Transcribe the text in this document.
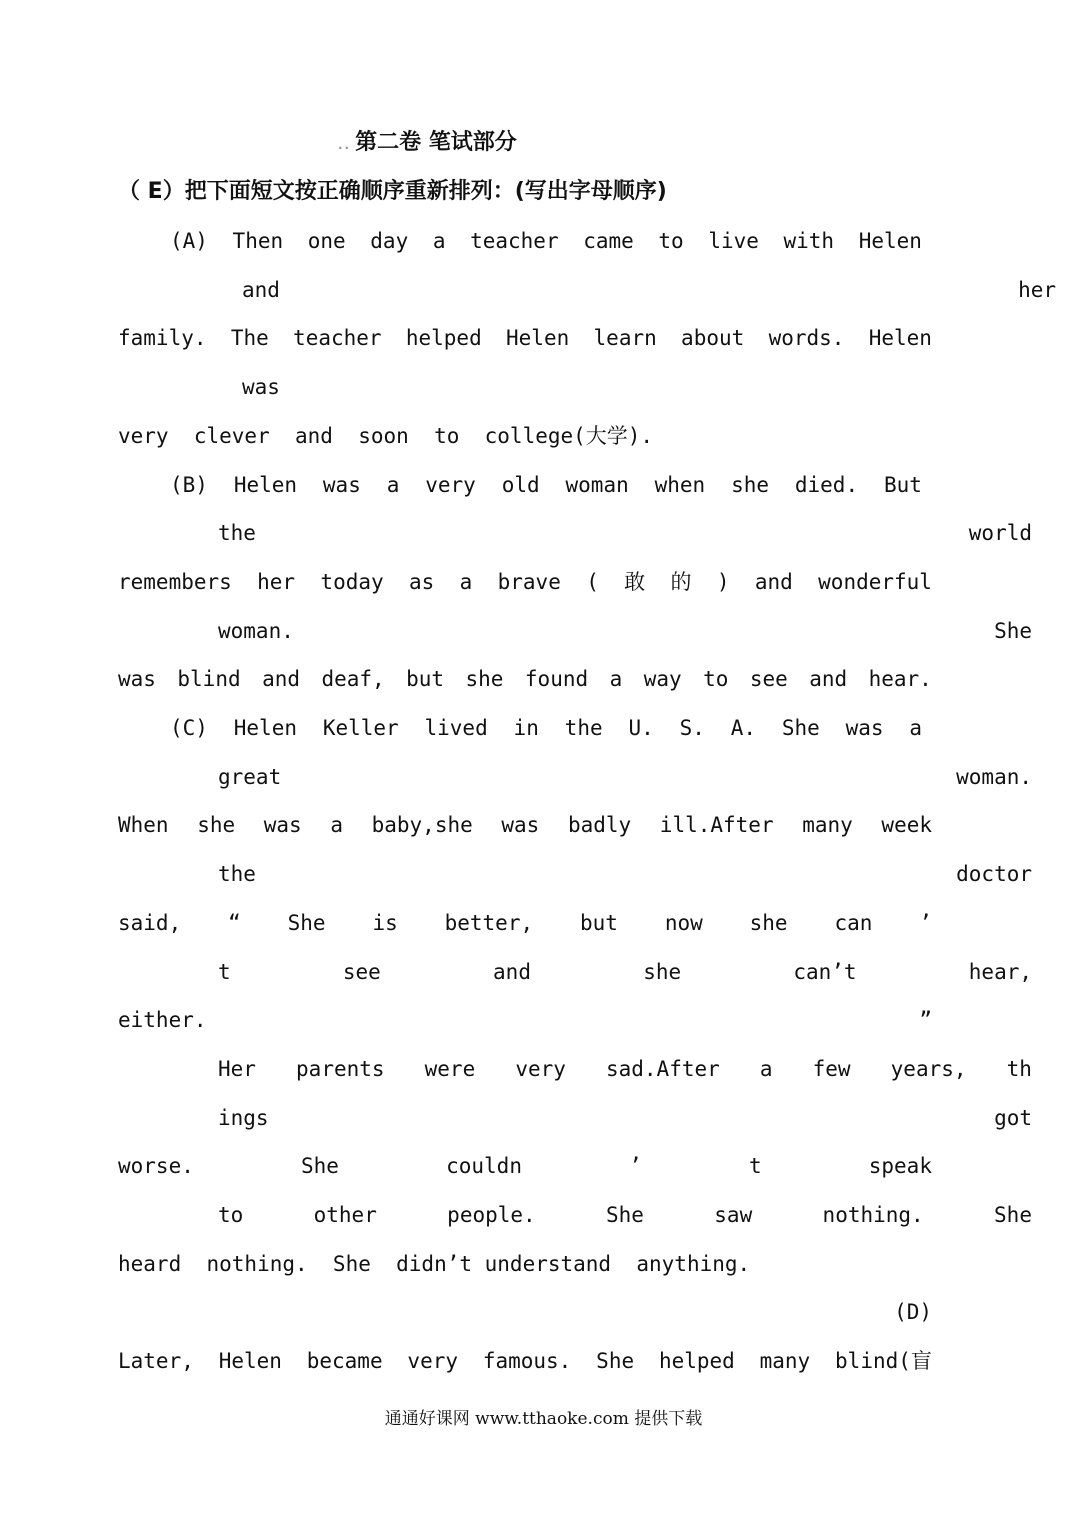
.. 第二卷 笔试部分
（ E）把下面短文按正确顺序重新排列：(写出字母顺序)
(A) Then one day a teacher came to live with Helen
and	her
family. The teacher helped Helen learn about words. Helen
was
very  clever  and  soon  to  college(大学).
(B) Helen was a very old woman when she died. But
the	world
remembers her today as a brave ( 敢 的 ) and wonderful
woman.	She
was blind and deaf, but she found a way to see and hear.
(C) Helen Keller lived in the U. S. A. She was a
great	woman.
When she was a baby,she was badly ill.After many week
the	doctor
said, “ She is better, but now she can ’
t	see	and	she	can’t	hear,
either.	”
Her parents were very sad.After a few years, th
ings	got
worse.	She	couldn	’	t	speak
to	other	people.	She	saw	nothing.	She
heard  nothing.  She  didn’t understand  anything.
(D)
Later, Helen became very famous. She helped many blind(盲
通通好课网 www.tthaoke.com 提供下载
